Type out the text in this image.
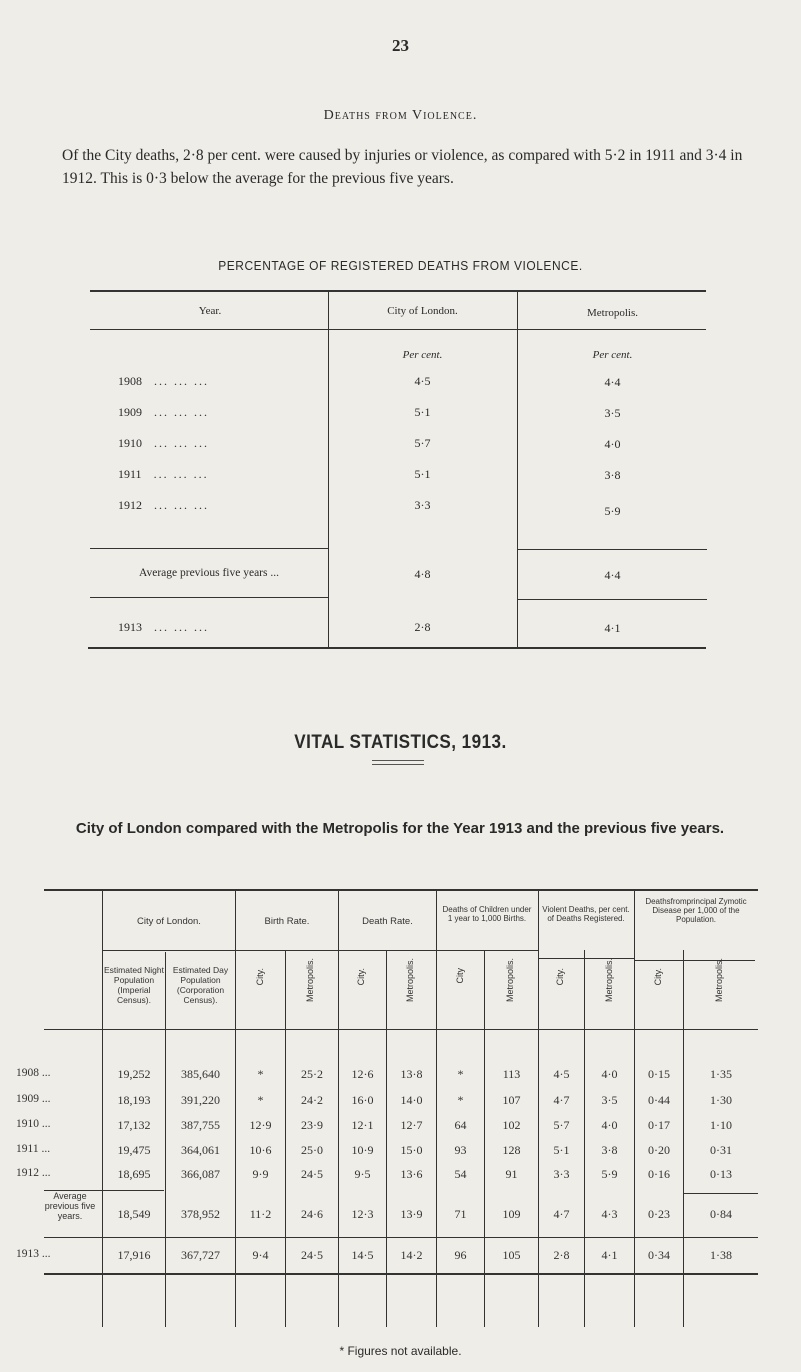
23
Deaths from Violence.
Of the City deaths, 2·8 per cent. were caused by injuries or violence, as compared with 5·2 in 1911 and 3·4 in 1912. This is 0·3 below the average for the previous five years.
PERCENTAGE OF REGISTERED DEATHS FROM VIOLENCE.
Year.	City of London.	Metropolis.
Per cent.	Per cent.
1908 ... ... ...	4·5	4·4
1909 ... ... ...	5·1	3·5
1910 ... ... ...	5·7	4·0
1911 ... ... ...	5·1	3·8
1912 ... ... ...	3·3	5·9
Average previous five years ...	4·8	4·4
1913 ... ... ...	2·8	4·1
VITAL STATISTICS, 1913.
City of London compared with the Metropolis for the Year 1913 and the previous five years.
City of London.	Birth Rate.	Death Rate.
Deaths of Children under 1 year to 1,000 Births.
Violent Deaths, per cent. of Deaths Registered.
Deathsfromprincipal Zymotic Disease per 1,000 of the Population.
Estimated Night Population (Imperial Census).
Estimated Day Population (Corporation Census).
City.	Metropolis.	City.	Metropolis.	City	Metropolis.	City.	Metropolis.	City.	Metropolis.
1908 ...	19,252	385,640	*	25·2	12·6	13·8	*	113	4·5	4·0	0·15	1·35
1909 ...	18,193	391,220	*	24·2	16·0	14·0	*	107	4·7	3·5	0·44	1·30
1910 ...	17,132	387,755	12·9	23·9	12·1	12·7	64	102	5·7	4·0	0·17	1·10
1911 ...	19,475	364,061	10·6	25·0	10·9	15·0	93	128	5·1	3·8	0·20	0·31
1912 ...	18,695	366,087	9·9	24·5	9·5	13·6	54	91	3·3	5·9	0·16	0·13
Average previous five years.	18,549	378,952	11·2	24·6	12·3	13·9	71	109	4·7	4·3	0·23	0·84
1913 ...	17,916	367,727	9·4	24·5	14·5	14·2	96	105	2·8	4·1	0·34	1·38
* Figures not available.
